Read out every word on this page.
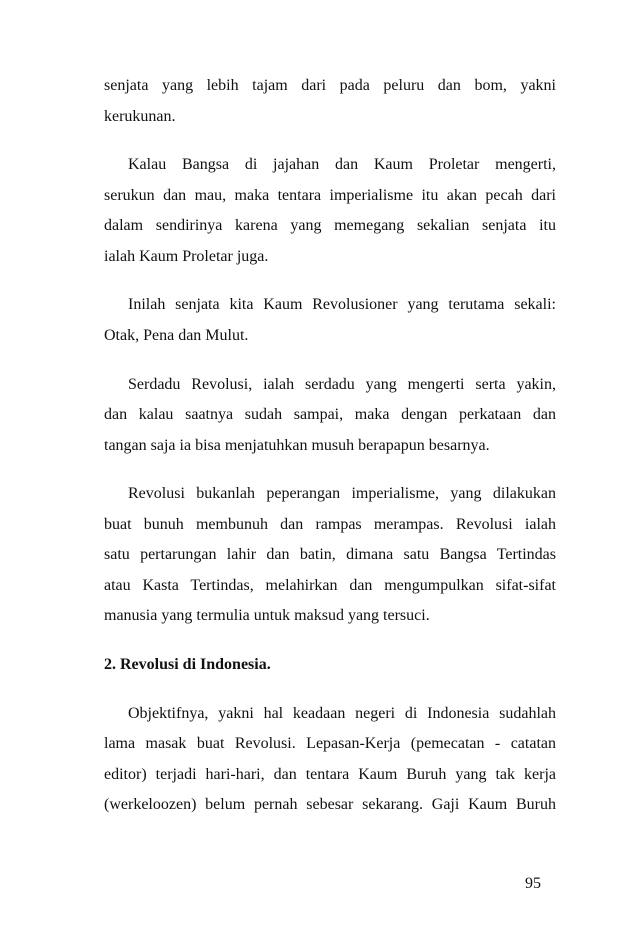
senjata yang lebih tajam dari pada peluru dan bom, yakni
kerukunan.
Kalau Bangsa di jajahan dan Kaum Proletar mengerti,
serukun dan mau, maka tentara imperialisme itu akan pecah dari
dalam sendirinya karena yang memegang sekalian senjata itu
ialah Kaum Proletar juga.
Inilah senjata kita Kaum Revolusioner yang terutama sekali:
Otak, Pena dan Mulut.
Serdadu Revolusi, ialah serdadu yang mengerti serta yakin,
dan kalau saatnya sudah sampai, maka dengan perkataan dan
tangan saja ia bisa menjatuhkan musuh berapapun besarnya.
Revolusi bukanlah peperangan imperialisme, yang dilakukan
buat bunuh membunuh dan rampas merampas. Revolusi ialah
satu pertarungan lahir dan batin, dimana satu Bangsa Tertindas
atau Kasta Tertindas, melahirkan dan mengumpulkan sifat-sifat
manusia yang termulia untuk maksud yang tersuci.
2. Revolusi di Indonesia.
Objektifnya, yakni hal keadaan negeri di Indonesia sudahlah
lama masak buat Revolusi. Lepasan-Kerja (pemecatan - catatan
editor) terjadi hari-hari, dan tentara Kaum Buruh yang tak kerja
(werkeloozen) belum pernah sebesar sekarang. Gaji Kaum Buruh
95
